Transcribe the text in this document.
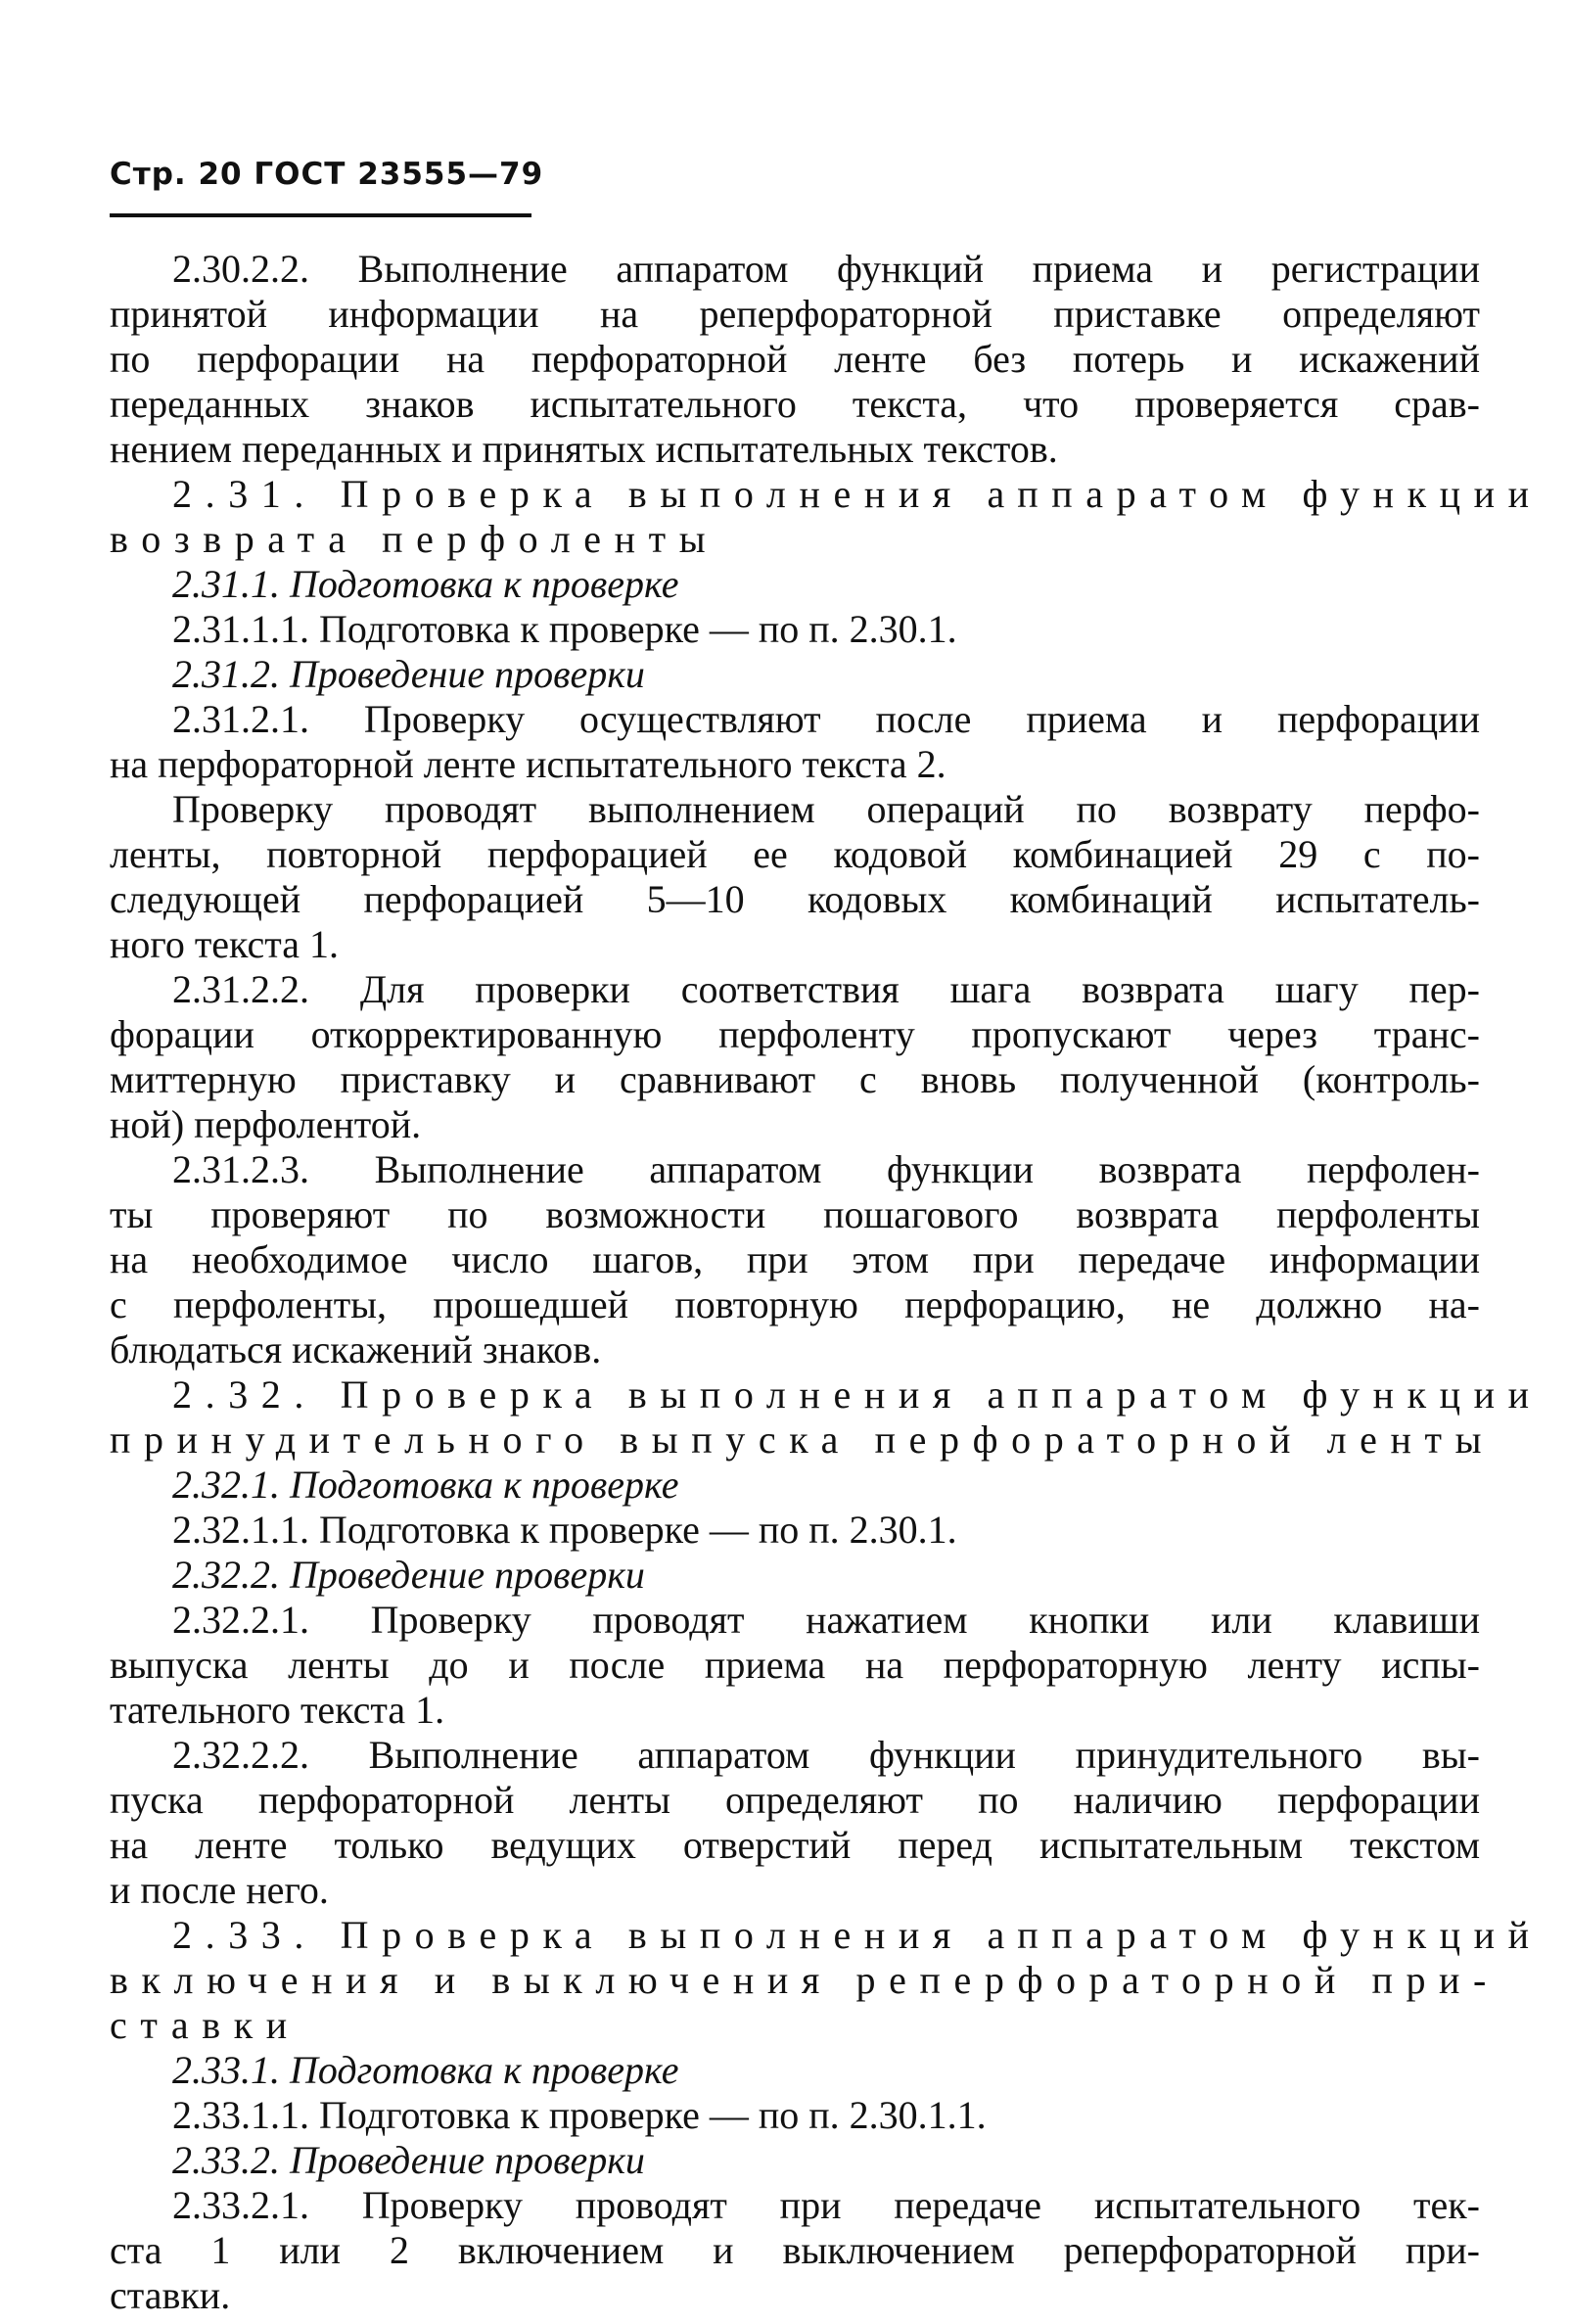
Стр. 20 ГОСТ 23555—79
2.30.2.2. Выполнение аппаратом функций приема и регистрации
принятой информации на реперфораторной приставке определяют
по перфорации на перфораторной ленте без потерь и искажений
переданных знаков испытательного текста, что проверяется срав-
нением переданных и принятых испытательных текстов.
2.31. Проверка выполнения аппаратом функции
возврата перфоленты
2.31.1. Подготовка к проверке
2.31.1.1. Подготовка к проверке — по п. 2.30.1.
2.31.2. Проведение проверки
2.31.2.1. Проверку осуществляют после приема и перфорации
на перфораторной ленте испытательного текста 2.
Проверку проводят выполнением операций по возврату перфо-
ленты, повторной перфорацией ее кодовой комбинацией 29 с по-
следующей перфорацией 5—10 кодовых комбинаций испытатель-
ного текста 1.
2.31.2.2. Для проверки соответствия шага возврата шагу пер-
форации откорректированную перфоленту пропускают через транс-
миттерную приставку и сравнивают с вновь полученной (контроль-
ной) перфолентой.
2.31.2.3. Выполнение аппаратом функции возврата перфолен-
ты проверяют по возможности пошагового возврата перфоленты
на необходимое число шагов, при этом при передаче информации
с перфоленты, прошедшей повторную перфорацию, не должно на-
блюдаться искажений знаков.
2.32. Проверка выполнения аппаратом функции
принудительного выпуска перфораторной ленты
2.32.1. Подготовка к проверке
2.32.1.1. Подготовка к проверке — по п. 2.30.1.
2.32.2. Проведение проверки
2.32.2.1. Проверку проводят нажатием кнопки или клавиши
выпуска ленты до и после приема на перфораторную ленту испы-
тательного текста 1.
2.32.2.2. Выполнение аппаратом функции принудительного вы-
пуска перфораторной ленты определяют по наличию перфорации
на ленте только ведущих отверстий перед испытательным текстом
и после него.
2.33. Проверка выполнения аппаратом функций
включения и выключения реперфораторной при-
ставки
2.33.1. Подготовка к проверке
2.33.1.1. Подготовка к проверке — по п. 2.30.1.1.
2.33.2. Проведение проверки
2.33.2.1. Проверку проводят при передаче испытательного тек-
ста 1 или 2 включением и выключением реперфораторной при-
ставки.
